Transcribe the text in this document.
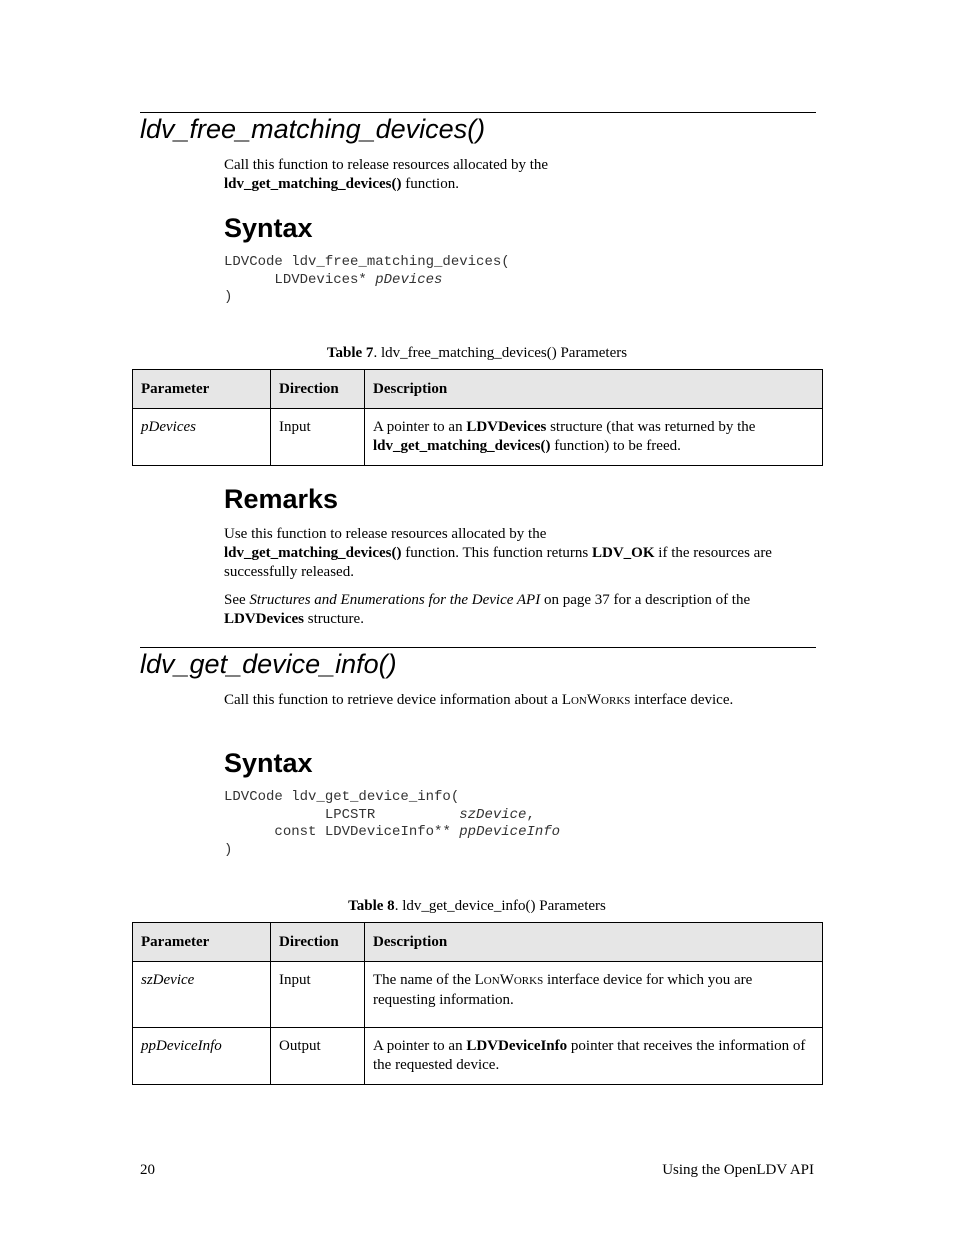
ldv_free_matching_devices()

Call this function to release resources allocated by the
ldv_get_matching_devices() function.

Syntax
LDVCode ldv_free_matching_devices(
LDVDevices* pDevices
)

Table 7. ldv_free_matching_devices() Parameters

Parameter	Direction	Description
pDevices	Input	A pointer to an LDVDevices structure (that was returned by the ldv_get_matching_devices() function) to be freed.
Remarks

Use this function to release resources allocated by the
ldv_get_matching_devices() function. This function returns LDV_OK if the resources are successfully released.

See Structures and Enumerations for the Device API on page 37 for a description of the LDVDevices structure.

ldv_get_device_info()

Call this function to retrieve device information about a LONWORKS interface device.

Syntax
LDVCode ldv_get_device_info(
LPCSTR          szDevice,
const LDVDeviceInfo** ppDeviceInfo
)

Table 8. ldv_get_device_info() Parameters

Parameter	Direction	Description
szDevice	Input	The name of the LONWORKS interface device for which you are requesting information.
ppDeviceInfo	Output	A pointer to an LDVDeviceInfo pointer that receives the information of the requested device.
20	Using the OpenLDV API
